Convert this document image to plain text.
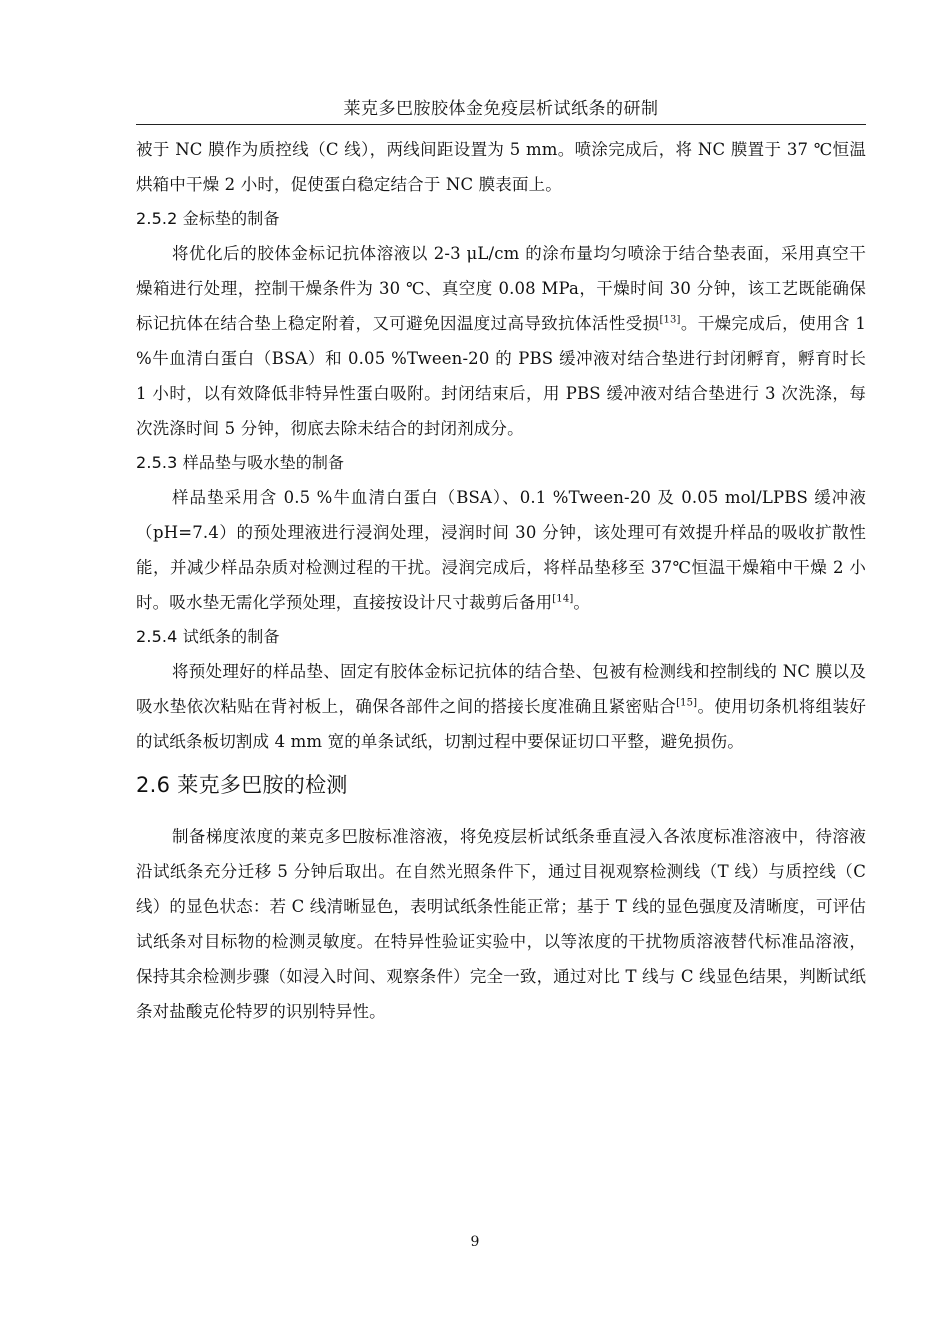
莱克多巴胺胶体金免疫层析试纸条的研制

被于 NC 膜作为质控线（C 线），两线间距设置为 5 mm。喷涂完成后，将 NC 膜置于 37 ℃恒温烘箱中干燥 2 小时，促使蛋白稳定结合于 NC 膜表面上。

2.5.2 金标垫的制备

将优化后的胶体金标记抗体溶液以 2-3 μL/cm 的涂布量均匀喷涂于结合垫表面，采用真空干燥箱进行处理，控制干燥条件为 30 ℃、真空度 0.08 MPa，干燥时间 30 分钟，该工艺既能确保标记抗体在结合垫上稳定附着，又可避免因温度过高导致抗体活性受损[13]。干燥完成后，使用含 1 %牛血清白蛋白（BSA）和 0.05 %Tween-20 的 PBS 缓冲液对结合垫进行封闭孵育，孵育时长 1 小时，以有效降低非特异性蛋白吸附。封闭结束后，用 PBS 缓冲液对结合垫进行 3 次洗涤，每次洗涤时间 5 分钟，彻底去除未结合的封闭剂成分。

2.5.3 样品垫与吸水垫的制备

样品垫采用含 0.5 %牛血清白蛋白（BSA）、0.1 %Tween-20 及 0.05 mol/LPBS 缓冲液（pH=7.4）的预处理液进行浸润处理，浸润时间 30 分钟，该处理可有效提升样品的吸收扩散性能，并减少样品杂质对检测过程的干扰。浸润完成后，将样品垫移至 37℃恒温干燥箱中干燥 2 小时。吸水垫无需化学预处理，直接按设计尺寸裁剪后备用[14]。

2.5.4 试纸条的制备

将预处理好的样品垫、固定有胶体金标记抗体的结合垫、包被有检测线和控制线的 NC 膜以及吸水垫依次粘贴在背衬板上，确保各部件之间的搭接长度准确且紧密贴合[15]。使用切条机将组装好的试纸条板切割成 4 mm 宽的单条试纸，切割过程中要保证切口平整，避免损伤。

2.6 莱克多巴胺的检测

制备梯度浓度的莱克多巴胺标准溶液，将免疫层析试纸条垂直浸入各浓度标准溶液中，待溶液沿试纸条充分迁移 5 分钟后取出。在自然光照条件下，通过目视观察检测线（T 线）与质控线（C 线）的显色状态：若 C 线清晰显色，表明试纸条性能正常；基于 T 线的显色强度及清晰度，可评估试纸条对目标物的检测灵敏度。在特异性验证实验中，以等浓度的干扰物质溶液替代标准品溶液，保持其余检测步骤（如浸入时间、观察条件）完全一致，通过对比 T 线与 C 线显色结果，判断试纸条对盐酸克伦特罗的识别特异性。

9
